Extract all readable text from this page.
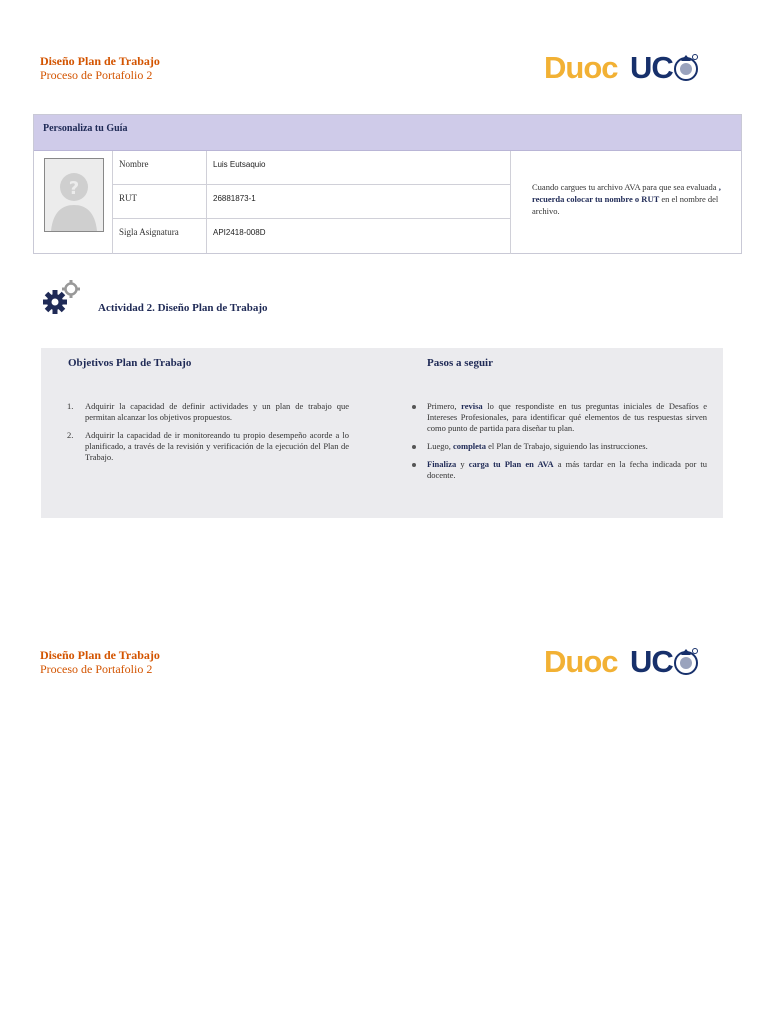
Diseño Plan de Trabajo
Proceso de Portafolio 2	Duoc UC
Personaliza tu Guía
?
Nombre	Luis Eutsaquio
RUT	26881873-1
Sigla Asignatura	API2418-008D
Cuando cargues tu archivo AVA para que sea evaluada , recuerda colocar tu nombre o RUT en el nombre del archivo.
Actividad 2. Diseño Plan de Trabajo
Objetivos Plan de Trabajo	Pasos a seguir
1. Adquirir la capacidad de definir actividades y un plan de trabajo que permitan alcanzar los objetivos propuestos.
2. Adquirir la capacidad de ir monitoreando tu propio desempeño acorde a lo planificado, a través de la revisión y verificación de la ejecución del Plan de Trabajo.
Primero, revisa lo que respondiste en tus preguntas iniciales de Desafíos e Intereses Profesionales, para identificar qué elementos de tus respuestas sirven como punto de partida para diseñar tu plan.
Luego, completa el Plan de Trabajo, siguiendo las instrucciones.
Finaliza y carga tu Plan en AVA a más tardar en la fecha indicada por tu docente.
Diseño Plan de Trabajo
Proceso de Portafolio 2	Duoc UC
